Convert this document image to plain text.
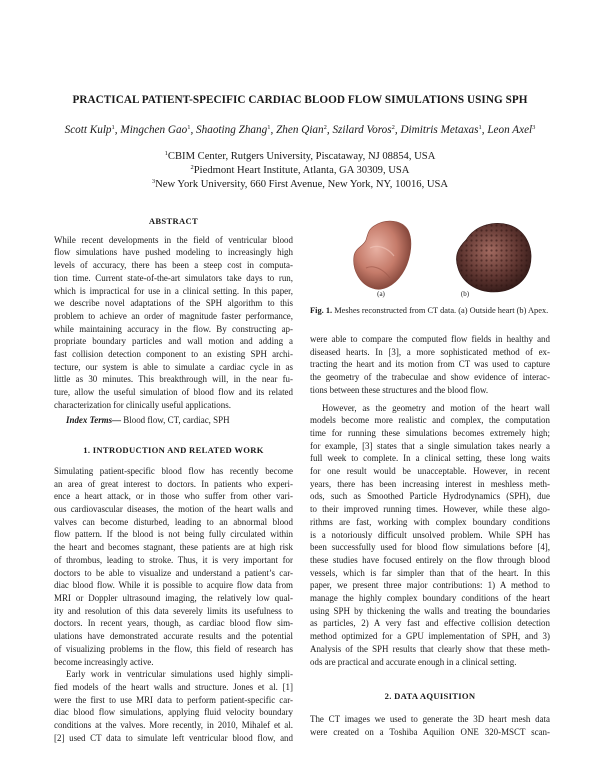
PRACTICAL PATIENT-SPECIFIC CARDIAC BLOOD FLOW SIMULATIONS USING SPH
Scott Kulp$^1$, Mingchen Gao$^1$, Shaoting Zhang$^1$, Zhen Qian$^2$, Szilard Voros$^2$, Dimitris Metaxas$^1$, Leon Axel$^3$
$^1$CBIM Center, Rutgers University, Piscataway, NJ 08854, USA
$^2$Piedmont Heart Institute, Atlanta, GA 30309, USA
$^3$New York University, 660 First Avenue, New York, NY, 10016, USA
ABSTRACT
While recent developments in the field of ventricular blood
flow simulations have pushed modeling to increasingly high
levels of accuracy, there has been a steep cost in computa-
tion time. Current state-of-the-art simulators take days to run,
which is impractical for use in a clinical setting. In this paper,
we describe novel adaptations of the SPH algorithm to this
problem to achieve an order of magnitude faster performance,
while maintaining accuracy in the flow. By constructing ap-
propriate boundary particles and wall motion and adding a
fast collision detection component to an existing SPH archi-
tecture, our system is able to simulate a cardiac cycle in as
little as 30 minutes. This breakthrough will, in the near fu-
ture, allow the useful simulation of blood flow and its related
characterization for clinically useful applications.
Index Terms— Blood flow, CT, cardiac, SPH
1. INTRODUCTION AND RELATED WORK
Simulating patient-specific blood flow has recently become
an area of great interest to doctors. In patients who experi-
ence a heart attack, or in those who suffer from other vari-
ous cardiovascular diseases, the motion of the heart walls and
valves can become disturbed, leading to an abnormal blood
flow pattern. If the blood is not being fully circulated within
the heart and becomes stagnant, these patients are at high risk
of thrombus, leading to stroke. Thus, it is very important for
doctors to be able to visualize and understand a patient’s car-
diac blood flow. While it is possible to acquire flow data from
MRI or Doppler ultrasound imaging, the relatively low qual-
ity and resolution of this data severely limits its usefulness to
doctors. In recent years, though, as cardiac blood flow sim-
ulations have demonstrated accurate results and the potential
of visualizing problems in the flow, this field of research has
become increasingly active.
Early work in ventricular simulations used highly simpli-
fied models of the heart walls and structure. Jones et al. [1]
were the first to use MRI data to perform patient-specific car-
diac blood flow simulations, applying fluid velocity boundary
conditions at the valves. More recently, in 2010, Mihalef et al.
[2] used CT data to simulate left ventricular blood flow, and
(a)	(b)
Fig. 1. Meshes reconstructed from CT data. (a) Outside heart (b) Apex.
were able to compare the computed flow fields in healthy and
diseased hearts. In [3], a more sophisticated method of ex-
tracting the heart and its motion from CT was used to capture
the geometry of the trabeculae and show evidence of interac-
tions between these structures and the blood flow.
However, as the geometry and motion of the heart wall
models become more realistic and complex, the computation
time for running these simulations becomes extremely high;
for example, [3] states that a single simulation takes nearly a
full week to complete. In a clinical setting, these long waits
for one result would be unacceptable. However, in recent
years, there has been increasing interest in meshless meth-
ods, such as Smoothed Particle Hydrodynamics (SPH), due
to their improved running times. However, while these algo-
rithms are fast, working with complex boundary conditions
is a notoriously difficult unsolved problem. While SPH has
been successfully used for blood flow simulations before [4],
these studies have focused entirely on the flow through blood
vessels, which is far simpler than that of the heart. In this
paper, we present three major contributions: 1) A method to
manage the highly complex boundary conditions of the heart
using SPH by thickening the walls and treating the boundaries
as particles, 2) A very fast and effective collision detection
method optimized for a GPU implementation of SPH, and 3)
Analysis of the SPH results that clearly show that these meth-
ods are practical and accurate enough in a clinical setting.
2. DATA AQUISITION
The CT images we used to generate the 3D heart mesh data
were created on a Toshiba Aquilion ONE 320-MSCT scan-
